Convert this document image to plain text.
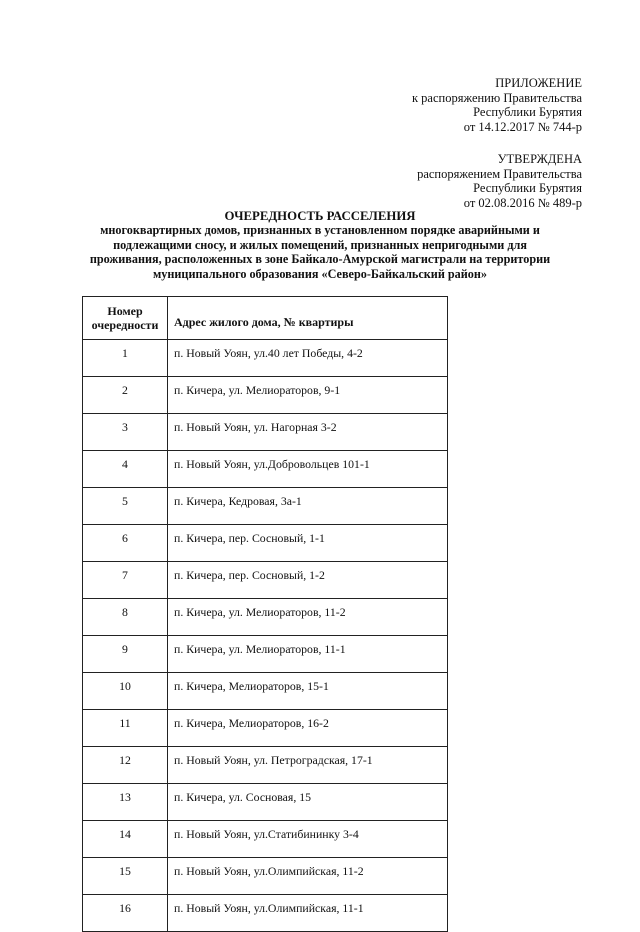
ПРИЛОЖЕНИЕ
к распоряжению Правительства
Республики Бурятия
от 14.12.2017 № 744-р
УТВЕРЖДЕНА
распоряжением Правительства
Республики Бурятия
от 02.08.2016 № 489-р
ОЧЕРЕДНОСТЬ РАССЕЛЕНИЯ
многоквартирных домов, признанных в установленном порядке аварийными и
подлежащими сносу, и жилых помещений, признанных непригодными для
проживания, расположенных в зоне Байкало-Амурской магистрали на территории
муниципального образования «Северо-Байкальский район»
Номер
очередности	Адрес жилого дома, № квартиры
1	п. Новый Уоян, ул.40 лет Победы, 4-2
2	п. Кичера, ул. Мелиораторов, 9-1
3	п. Новый Уоян, ул. Нагорная 3-2
4	п. Новый Уоян, ул.Добровольцев 101-1
5	п. Кичера, Кедровая, 3а-1
6	п. Кичера, пер. Сосновый, 1-1
7	п. Кичера, пер. Сосновый, 1-2
8	п. Кичера, ул. Мелиораторов, 11-2
9	п. Кичера, ул. Мелиораторов, 11-1
10	п. Кичера, Мелиораторов, 15-1
11	п. Кичера, Мелиораторов, 16-2
12	п. Новый Уоян, ул. Петроградская, 17-1
13	п. Кичера, ул. Сосновая, 15
14	п. Новый Уоян, ул.Статибининку 3-4
15	п. Новый Уоян, ул.Олимпийская, 11-2
16	п. Новый Уоян, ул.Олимпийская, 11-1
